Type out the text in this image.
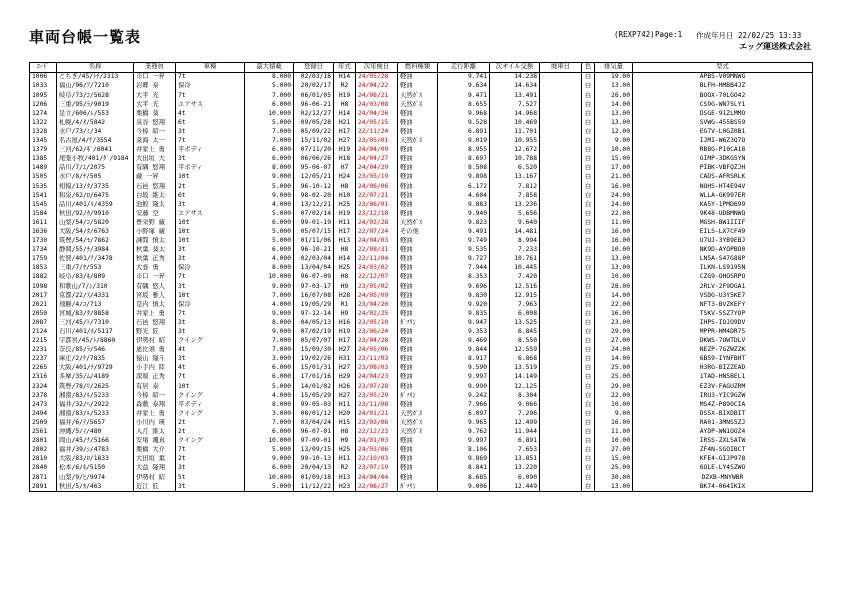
車両台帳一覧表	(REXP742) Page:1 作成年月日 22/02/25 13:33
エッグ運送株式会社
ｺｰﾄﾞ	名称	業務員	車種	最大積載	登録日	年式	次年検日	燃料種類	走行距離	次オイル交換	廃車日	色	排気量	型式
1006	とちぎ/45/ﾄﾁ/2313	市口 一昇	7t	8.000	02/03/18	H14	24/05/28	軽油	9.741	14.238		白	19.00	APBS-V09MNWG
1033	福山/96/ﾌ/7210	岩郷 泰	保冷	5.000	20/02/17	R2	24/04/22	軽油	9.634	14.634		白	13.00	BLFH-HMBB4JZ
1095	岐阜/73/ｺ/5628	大平 光	7t	7.000	06/01/05	H19	24/06/21	天然ｶﾞｽ	9.471	13.491		白	26.00	BOOX-70LGO42
1206	三重/95/ﾗ/9019	大平 光	エアサス	6.000	96-06-21	H8	24/03/08	天然ｶﾞｽ	8.655	7.527		白	14.00	CS9G-WN75LY1
1274	足立/606/ﾚ/553	栗橋 葵	4t	10.000	02/12/27	H14	24/04/26	軽油	9.968	14.968		白	13.00	DSGE-91ZLMMO
1322	札幌/4/ｵ/5842	泉谷 悠翔	6t	5.000	09/05/28	H21	24/05/15	軽油	9.528	10.469		白	13.00	SVWG-455BS59
1328	水戸/73/ﾐ/34	今椋 昭一	3t	7.000	05/09/22	H17	22/11/24	軽油	6.891	11.701		白	12.00	EG7V-L0GZ0B1
1345	名古屋/4/ﾅ/3554	菜海 太一	7t	7.000	15/11/02	H27	23/05/01	天然ｶﾞｽ	9.019	10.955		白	9.00	IJMI-W6Z3Q7O
1379	三河/62/ｷﾞ/6041	井家上 勇	平ボディ	6.000	07/11/20	H19	24/04/09	軽油	8.955	12.672		白	10.00	RB8G-P10CA18
1385	尾張小牧/401/ﾀﾞ/9184	大田垣 大	3t	6.000	06/06/26	H18	24/04/27	軽油	8.697	10.788		白	15.00	GIMP-3DKG5YN
1489	品川/7/ｴ/2075	有隅 悠翔	平ボディ	8.000	95-06-07	H7	24/04/29	軽油	8.508	6.520		白	17.00	PIBK-VBFQZJH
1505	水戸/8/ﾁ/505	蔵 一昇	10t	9.000	12/05/21	H24	23/05/19	軽油	9.898	13.167		白	21.00	CADS-AFRSRLK
1535	相模/13/ﾀ/3735	石邑 悠翔	2t	5.000	96-10-12	H8	24/06/06	軽油	6.172	7.812		白	16.00	NOHS-HT4E94V
1541	和泉/62/ﾛ/6475	白坂 維太	6t	9.000	98-02-20	H10	22/07/21	軽油	4.604	7.858		白	24.00	WLLA-GK997ER
1545	品川/401/ﾙ/4359	池鮫 隆太	3t	4.000	13/12/21	H25	23/06/01	軽油	9.883	13.236		白	24.00	KA5Y-1PMD699
1584	秋田/92/ｶ/9910	安藤 空	エアサス	5.000	07/02/14	H19	23/12/18	軽油	9.940	5.656		白	22.00	9K48-UDBMNWQ
1611	山梨/54/ｺ/5820	豊栄野 蔵	10t	6.000	99-01-19	H11	24/03/28	天然ｶﾞｽ	9.823	9.640		白	11.00	MGSH-BW1IIIF
1636	大阪/54/ﾀ/6763	小野塚 蔵	10t	5.000	05/07/15	H17	22/07/24	その他	9.491	14.481		白	16.00	EILS-LX7CF49
1730	筑豊/54/ﾓ/7862	諫間 慎太	10t	5.000	01/11/06	H13	24/04/03	軽油	9.749	8.994		白	16.00	U7UJ-3YB9EBJ
1734	静岡/55/ﾁ/3984	秋葉 葵太	3t	6.000	96-10-21	H8	22/08/31	軽油	9.535	7.233		白	10.00	NK9D-AYOPBO0
1759	佐賀/401/ﾅ/3478	秋葉 正秀	3t	4.000	02/03/04	H14	22/11/04	軽油	9.727	10.761		白	13.00	LN5A-S47G88P
1853	三重/7/ﾔ/553	大巻 勇	保冷	8.000	13/04/04	H25	24/03/02	軽油	7.944	10.445		白	13.00	ILKN-LS9195N
1882	岐阜/83/ｷ/809	市口 一昇	7t	10.000	96-07-09	H8	22/12/07	軽油	8.353	7.420		白	10.00	CZG9-OHOSRPO
1998	和歌山/7/ｼ/310	有隅 悠人	3t	9.000	97-03-17	H9	23/05/02	軽油	9.696	12.516		白	28.00	2RLV-2F9DGA1
2017	京都/22/ｽ/4331	宮坂 雅人	10t	7.000	16/07/08	H28	24/05/09	軽油	9.830	12.915		白	14.00	VSDG-U3Y5KE7
2021	飛騨/4/ｺ/713	是内 慎太	保冷	4.000	19/05/29	R1	23/04/20	軽油	9.920	7.963		白	22.00	NFT3-BVZKEFY
2050	宮城/83/ﾀ/8858	井家上 勇	7t	9.000	97-12-14	H9	24/02/25	軽油	9.835	6.008		白	16.00	TSKV-5SZ7YOP
2087	三河/45/ﾄ/7310	石邑 悠翔	3t	8.000	04/05/13	H16	23/05/10	ｶﾞｿﾘﾝ	9.947	13.525		白	23.00	IHPS-IOJO9DV
2124	石川/401/ﾎ/5117	野光 匠	3t	9.000	07/02/19	H19	23/06/24	軽油	9.353	6.845		白	29.00	MPPR-HM4DR75
2215	宇都宮/45/ﾄ/8860	伊勢村 昭	クイング	7.000	05/07/07	H17	23/04/28	軽油	9.469	8.550		白	27.00	DKWS-7OWTDLV
2231	奈良/85/ﾗ/546	恵比須 勇	4t	7.000	15/09/30	H27	24/05/06	軽油	9.844	12.559		白	24.00	NEZP-7GZWZZK
2237	庫庄/2/ｹ/7835	猿山 隆斗	3t	3.000	19/02/26	H31	23/11/03	軽油	8.917	6.868		白	14.00	6B59-IYNFBHT
2265	大阪/401/ﾁ/9729	小手内 陸	4t	6.000	15/01/31	H27	23/08/03	軽油	9.590	13.519		白	25.00	H3RG-BIZZEAD
2316	多摩/35/ﾑ/4189	深堀 正秀	7t	6.000	17/01/16	H29	24/04/23	軽油	9.997	14.149		白	25.00	1TAD-HN5BEL1
2324	筑豊/78/ﾘ/2625	有居 泰	10t	5.000	14/01/02	H26	23/07/28	軽油	9.990	12.125		白	29.00	EZ3V-FAGUZRM
2378	湘南/83/ﾙ/5233	今椋 昭一	クイング	4.000	15/05/29	H27	23/05/29	ｶﾞｿﾘﾝ	9.242	8.304		白	22.00	IRU3-YIC9GZW
2473	福井/32/ﾍ/2922	森敷 泰翔	平ボディ	8.000	99-05-03	H11	23/11/08	軽油	7.966	9.066		白	10.00	MS4Z-P89OCIA
2494	湘南/83/ﾙ/5233	井家上 勇	クイング	3.000	08/01/12	H20	24/01/21	天然ｶﾞｽ	6.097	7.296		白	9.00	DS5X-BIXDBIT
2509	福井/6/ﾃ/5657	小川内 瑛	2t	7.000	03/04/24	H15	23/03/06	天然ｶﾞｽ	9.965	12.499		白	16.00	RA01-3MNS5ZJ
2561	沖縄/5/ｲ/480	入月 維太	2t	6.000	96-07-01	H8	22/12/23	天然ｶﾞｽ	9.762	11.944		白	11.00	AYDP-WN1OOZ4
2801	岡山/45/ﾅ/5166	安堵 颯真	クイング	10.000	97-09-01	H9	24/01/03	軽油	9.997	6.891		白	10.00	IRSS-ZXLSATW
2802	福井/39/ｼ/4783	栗橋 大介	7t	5.000	13/09/15	H25	24/03/06	軽油	8.106	7.653		白	27.00	ZF4N-SGOIBCT
2810	大阪/83/ﾛ/1833	大田垣 葉	2t	9.000	99-10-13	H11	22/10/03	軽油	9.869	13.851		白	15.00	KFE4-GIJP978
2840	松本/6/ﾎ/5150	大益 隆翔	3t	6.000	20/04/13	R2	23/07/19	軽油	8.841	13.220		白	25.00	6OLE-LY4SZWO
2871	山梨/9/ﾋ/9974	伊勢村 昭	5t	10.000	01/09/18	H13	24/04/04	軽油	8.685	6.090		白	30.00	DZXB-MNYWBR
2891	秋田/5/ｶ/463	近江 匠	3t	5.000	11/12/22	H23	22/06/27	ｶﾞｿﾘﾝ	9.006	12.449		白	13.00	BK74-064IKIX
